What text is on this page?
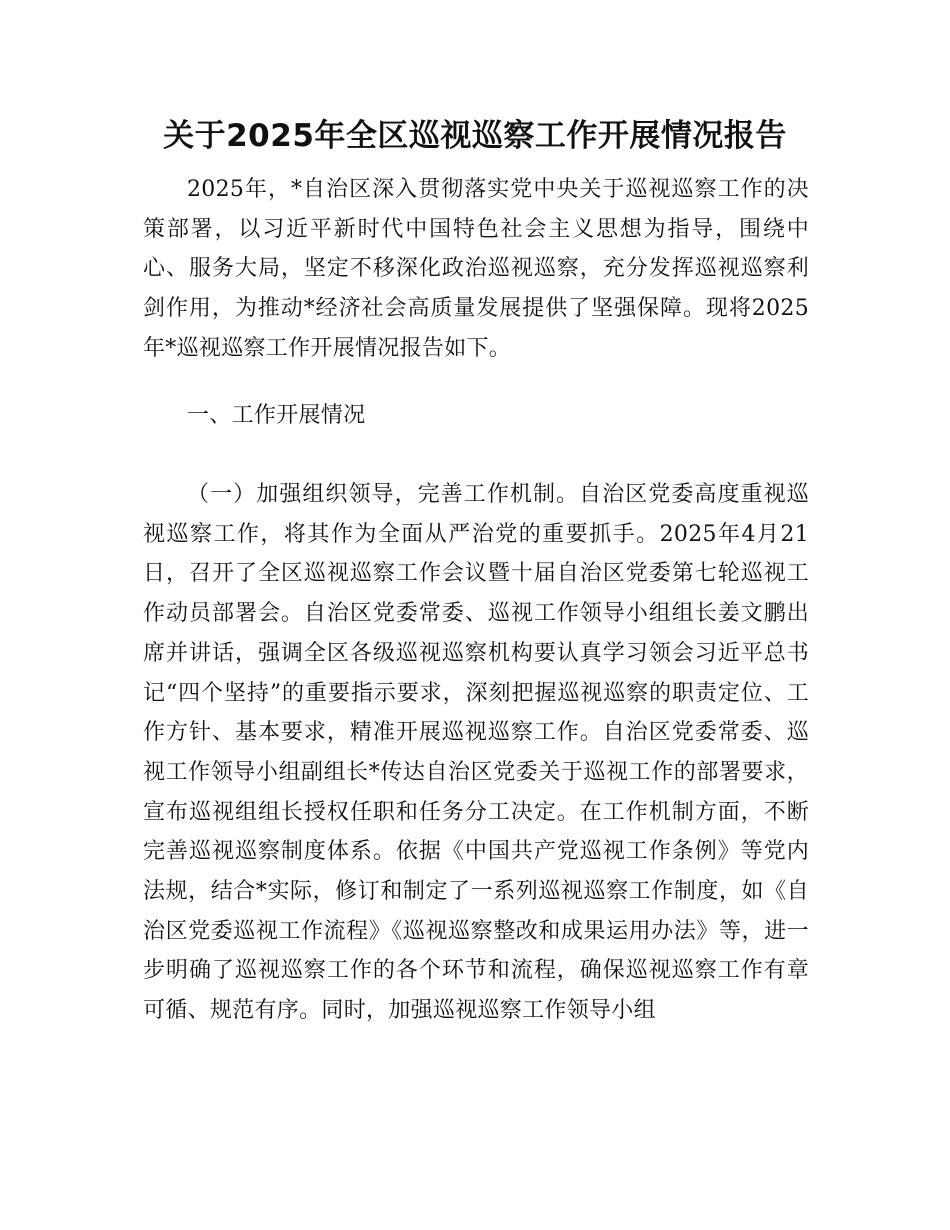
关于2025年全区巡视巡察工作开展情况报告
2025年，*自治区深入贯彻落实党中央关于巡视巡察工作的决策部署，以习近平新时代中国特色社会主义思想为指导，围绕中心、服务大局，坚定不移深化政治巡视巡察，充分发挥巡视巡察利剑作用，为推动*经济社会高质量发展提供了坚强保障。现将2025年*巡视巡察工作开展情况报告如下。
一、工作开展情况
（一）加强组织领导，完善工作机制。自治区党委高度重视巡视巡察工作，将其作为全面从严治党的重要抓手。2025年4月21日，召开了全区巡视巡察工作会议暨十届自治区党委第七轮巡视工作动员部署会。自治区党委常委、巡视工作领导小组组长姜文鹏出席并讲话，强调全区各级巡视巡察机构要认真学习领会习近平总书记“四个坚持”的重要指示要求，深刻把握巡视巡察的职责定位、工作方针、基本要求，精准开展巡视巡察工作。自治区党委常委、巡视工作领导小组副组长*传达自治区党委关于巡视工作的部署要求，宣布巡视组组长授权任职和任务分工决定。在工作机制方面，不断完善巡视巡察制度体系。依据《中国共产党巡视工作条例》等党内法规，结合*实际，修订和制定了一系列巡视巡察工作制度，如《自治区党委巡视工作流程》《巡视巡察整改和成果运用办法》等，进一步明确了巡视巡察工作的各个环节和流程，确保巡视巡察工作有章可循、规范有序。同时，加强巡视巡察工作领导小组
